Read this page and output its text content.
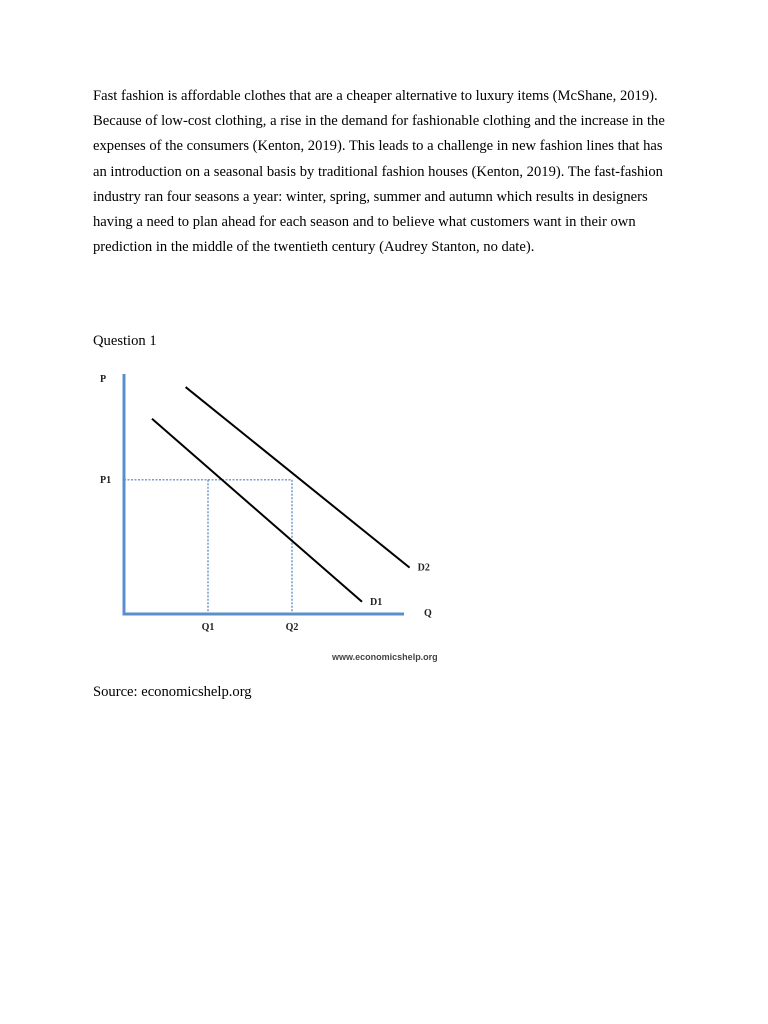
Fast fashion is affordable clothes that are a cheaper alternative to luxury items (McShane, 2019). Because of low-cost clothing, a rise in the demand for fashionable clothing and the increase in the expenses of the consumers (Kenton, 2019). This leads to a challenge in new fashion lines that has an introduction on a seasonal basis by traditional fashion houses (Kenton, 2019). The fast-fashion industry ran four seasons a year: winter, spring, summer and autumn which results in designers having a need to plan ahead for each season and to believe what customers want in their own prediction in the middle of the twentieth century (Audrey Stanton, no date).

Question 1
P
Q
P1
Q1	Q2
D1
D2
www.economicshelp.org
Source: economicshelp.org
